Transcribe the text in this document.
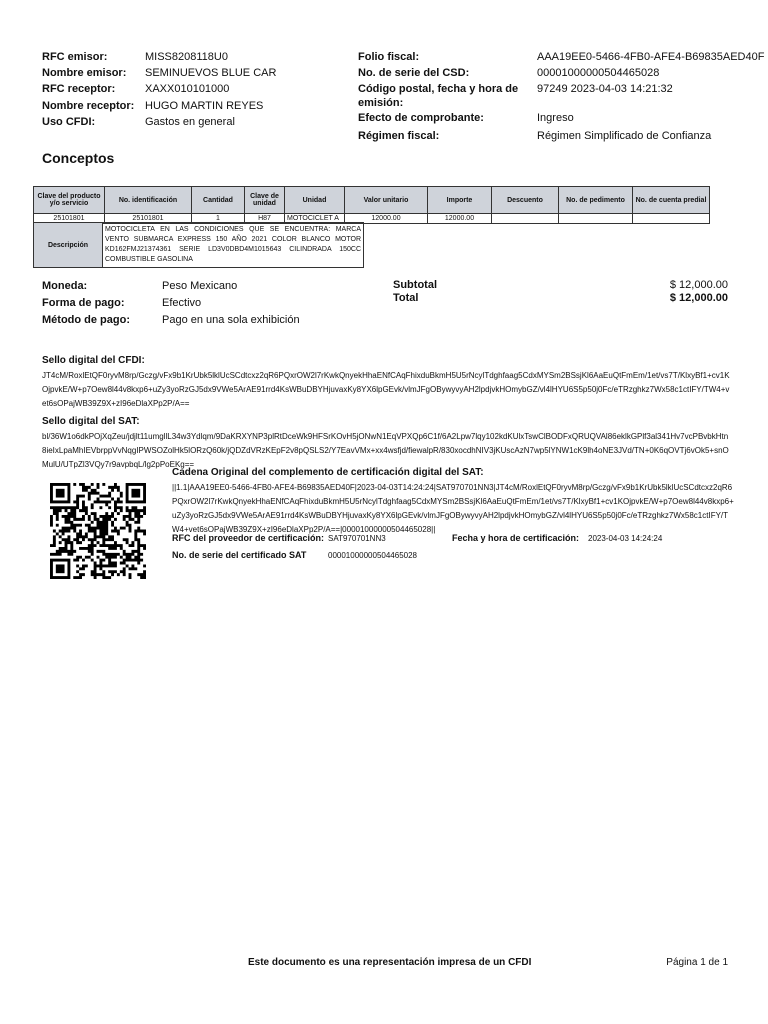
RFC emisor:	MISS8208118U0
Nombre emisor: SEMINUEVOS BLUE CAR
RFC receptor:	XAXX010101000
Nombre receptor: HUGO MARTIN REYES
Uso CFDI:	Gastos en general
Folio fiscal:	AAA19EE0-5466-4FB0-AFE4-B69835AED40F
No. de serie del CSD:	00001000000504465028
Código postal, fecha y hora de
emisión:
97249 2023-04-03 14:21:32
Efecto de comprobante:	Ingreso
Régimen fiscal:	Régimen Simplificado de Confianza
Conceptos
Clave del producto y/o servicio	No. identificación	Cantidad	Clave de unidad	Unidad	Valor unitario	Importe	Descuento	No. de pedimento	No. de cuenta predial
25101801	25101801	1	H87	MOTOCICLET A	12000.00	12000.00			
Descripción	MOTOCICLETA EN LAS CONDICIONES QUE SE ENCUENTRA: MARCA VENTO SUBMARCA EXPRESS 150 AÑO 2021 COLOR BLANCO MOTOR KD162FMJ21374361 SERIE LD3V0DBD4M1015643 CILINDRADA 150CC COMBUSTIBLE GASOLINA
Moneda:	Peso Mexicano
Forma de pago:	Efectivo
Método de pago:	Pago en una sola exhibición
Subtotal	$ 12,000.00
Total	$ 12,000.00
Sello digital del CFDI:
JT4cM/RoxlEtQF0ryvM8rp/Gczg/vFx9b1KrUbk5lklUcSCdtcxz2qR6PQxrOW2l7rKwkQnyekHhaENfCAqFhixduBkmH5U5rNcylTdghfaag5CdxMYSm2BSsjKl6AaEuQtFmEm/1et/vs7T/KlxyBf1+cv1KOjpvkE/W+p7Oew8l44v8kxp6+uZy3yoRzGJ5dx9VWe5ArAE91rrd4KsWBuDBYHjuvaxKy8YX6lpGEvk/vlmJFgOBywyvyAH2lpdjvkHOmybGZ/vl4lHYU6S5p50j0Fc/eTRzghkz7Wx58c1ctIFY/TW4+vet6sOPajWB39Z9X+zI96eDlaXPp2P/A==
Sello digital del SAT:
bl/36W1o6dkPOjXqZeu/jdjlt11umgllL34w3Ydlqm/9DaKRXYNP3plRtDceWk9HFSrKOvH5jONwN1EqVPXQp6C1f/6A2Lpw7lqy102kdKUlxTswClBODFxQRUQVAl86eklkGPlf3al341Hv7vcPBvbkHtn8ieIxLpaMhIEVbrppVvNqgIPWSOZolHk5lORzQ60k/jQDZdVRzKEpF2v8pQSLS2/Y7EavVMx+xx4wsfjd/fiewalpR/830xocdhNIV3jKUscAzN7wp5lYNW1cK9lh4oNE3JVd/TN+0K6qOVTj6vOk5+snOMulU/UTpZl3VQy7r9avpbqL/lg2pPoEKg==
Cadena Original del complemento de certificación digital del SAT:
||1.1|AAA19EE0-5466-4FB0-AFE4-B69835AED40F|2023-04-03T14:24:24|SAT970701NN3|JT4cM/RoxlEtQF0ryvM8rp/Gczg/vFx9b1KrUbk5lklUcSCdtcxz2qR6PQxrOW2l7rKwkQnyekHhaENfCAqFhixduBkmH5U5rNcylTdghfaag5CdxMYSm2BSsjKl6AaEuQtFmEm/1et/vs7T/KlxyBf1+cv1KOjpvkE/W+p7Oew8l44v8kxp6+uZy3yoRzGJ5dx9VWe5ArAE91rrd4KsWBuDBYHjuvaxKy8YX6lpGEvk/vlmJFgOBywyvyAH2lpdjvkHOmybGZ/vl4lHYU6S5p50j0Fc/eTRzghkz7Wx58c1ctIFY/TW4+vet6sOPajWB39Z9X+zI96eDlaXPp2P/A==|00001000000504465028||
RFC del proveedor de certificación: SAT970701NN3	Fecha y hora de certificación: 2023-04-03 14:24:24
No. de serie del certificado SAT	00001000000504465028
Este documento es una representación impresa de un CFDI	Página 1 de 1
